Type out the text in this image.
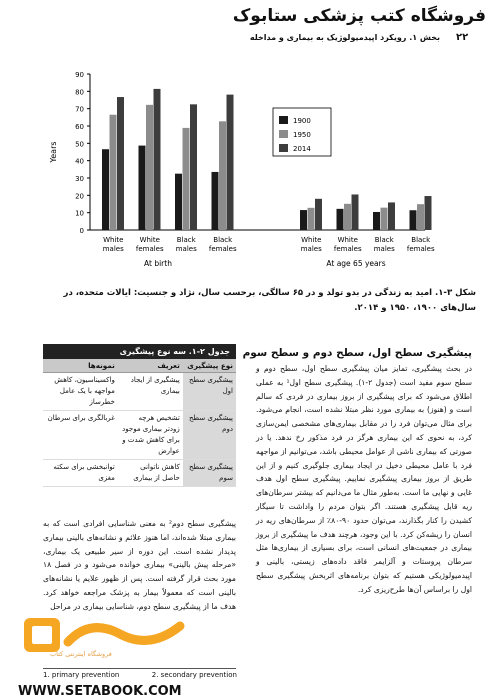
فروشگاه کتب پزشکی ستابوک
۲۲
بخش ۱. رویکرد اپیدمیولوژیک به بیماری و مداخله
0
10
20
30
40
50
60
70
80
90
Years
White
males
White
females
Black
males
Black
females
At birth
White
males
White
females
Black
males
Black
females
At age 65 years
1900
1950
2014
شکل ۳-۱. امید به زندگی در بدو تولد و در ۶۵ سالگی، برحسب سال، نژاد و جنسیت: ایالات متحده، در سال‌های ۱۹۰۰، ۱۹۵۰ و ۲۰۱۴.
پیشگیری سطح اول، سطح دوم و سطح سوم
در بحث پیشگیری، تمایز میان پیشگیری سطح اول، سطح دوم و سطح سوم مفید است (جدول ۲-۱). پیشگیری سطح اول¹ به عملی اطلاق می‌شود که برای پیشگیری از بروز بیماری در فردی که سالم است و (هنوز) به بیماری مورد نظر مبتلا نشده است، انجام می‌شود. برای مثال می‌توان فرد را در مقابل بیماری‌های مشخصی ایمن‌سازی کرد، به نحوی که این بیماری هرگز در فرد مذکور رخ ندهد. یا در صورتی که بیماری ناشی از عوامل محیطی باشد، می‌توانیم از مواجهه فرد با عامل محیطی دخیل در ایجاد بیماری جلوگیری کنیم و از این طریق از بروز بیماری پیشگیری نماییم. پیشگیری سطح اول هدف غایی و نهایی ما است. به‌طور مثال ما می‌دانیم که بیشتر سرطان‌های ریه قابل پیشگیری هستند. اگر بتوان مردم را واداشت تا سیگار کشیدن را کنار بگذارند، می‌توان حدود ۹۰-۸۰٪ از سرطان‌های ریه در انسان را ریشه‌کن کرد. با این وجود، هرچند هدف ما پیشگیری از بروز بیماری در جمعیت‌های انسانی است، برای بسیاری از بیماری‌ها مثل سرطان پروستات و آلزایمر فاقد داده‌های زیستی، بالینی و اپیدمیولوژیکی هستیم که بتوان برنامه‌های اثربخش پیشگیری سطح اول را براساس آن‌ها طرح‌ریزی کرد.
جدول ۲-۱. سه نوع پیشگیری
نوع پیشگیری
تعریف
نمونه‌ها
پیشگیری سطح اول
پیشگیری از ایجاد بیماری
واکسیناسیون، کاهش مواجهه با یک عامل خطرساز
پیشگیری سطح دوم
تشخیص هرچه زودتر بیماری موجود برای کاهش شدت و عوارض
غربالگری برای سرطان
پیشگیری سطح سوم
کاهش ناتوانی حاصل از بیماری
توانبخشی برای سکته مغزی
پیشگیری سطح دوم² به معنی شناسایی افرادی است که به بیماری مبتلا شده‌اند، اما هنوز علائم و نشانه‌های بالینی بیماری پدیدار نشده است. این دوره از سیر طبیعی یک بیماری، «مرحله پیش بالینی» بیماری خوانده می‌شود و در فصل ۱۸ مورد بحث قرار گرفته است. پس از ظهور علایم یا نشانه‌های بالینی است که معمولاً بیمار به پزشک مراجعه خواهد کرد. هدف ما از پیشگیری سطح دوم، شناسایی بیماری در مراحل
1. primary prevention	2. secondary prevention
فروشگاه اینترنتی کتاب
WWW.SETABOOK.COM
